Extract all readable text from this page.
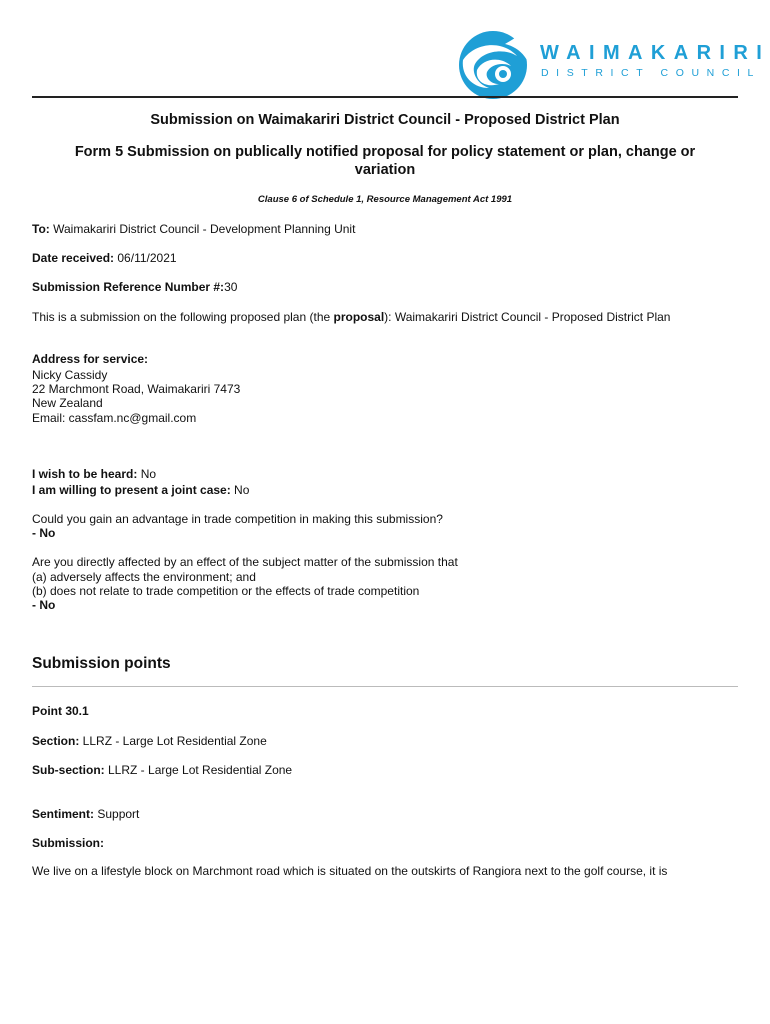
WAIMAKARIRI
DISTRICT COUNCIL
Submission on Waimakariri District Council - Proposed District Plan
Form 5 Submission on publically notified proposal for policy statement or plan, change or
variation
Clause 6 of Schedule 1, Resource Management Act 1991
To: Waimakariri District Council - Development Planning Unit
Date received: 06/11/2021
Submission Reference Number #:30
This is a submission on the following proposed plan (the proposal): Waimakariri District Council - Proposed District Plan
Address for service:
Nicky Cassidy
22 Marchmont Road, Waimakariri 7473
New Zealand
Email: cassfam.nc@gmail.com
I wish to be heard: No
I am willing to present a joint case: No
Could you gain an advantage in trade competition in making this submission?
- No
Are you directly affected by an effect of the subject matter of the submission that
(a) adversely affects the environment; and
(b) does not relate to trade competition or the effects of trade competition
- No
Submission points
Point 30.1
Section: LLRZ - Large Lot Residential Zone
Sub-section: LLRZ - Large Lot Residential Zone
Sentiment: Support
Submission:
We live on a lifestyle block on Marchmont road which is situated on the outskirts of Rangiora next to the golf course, it is
